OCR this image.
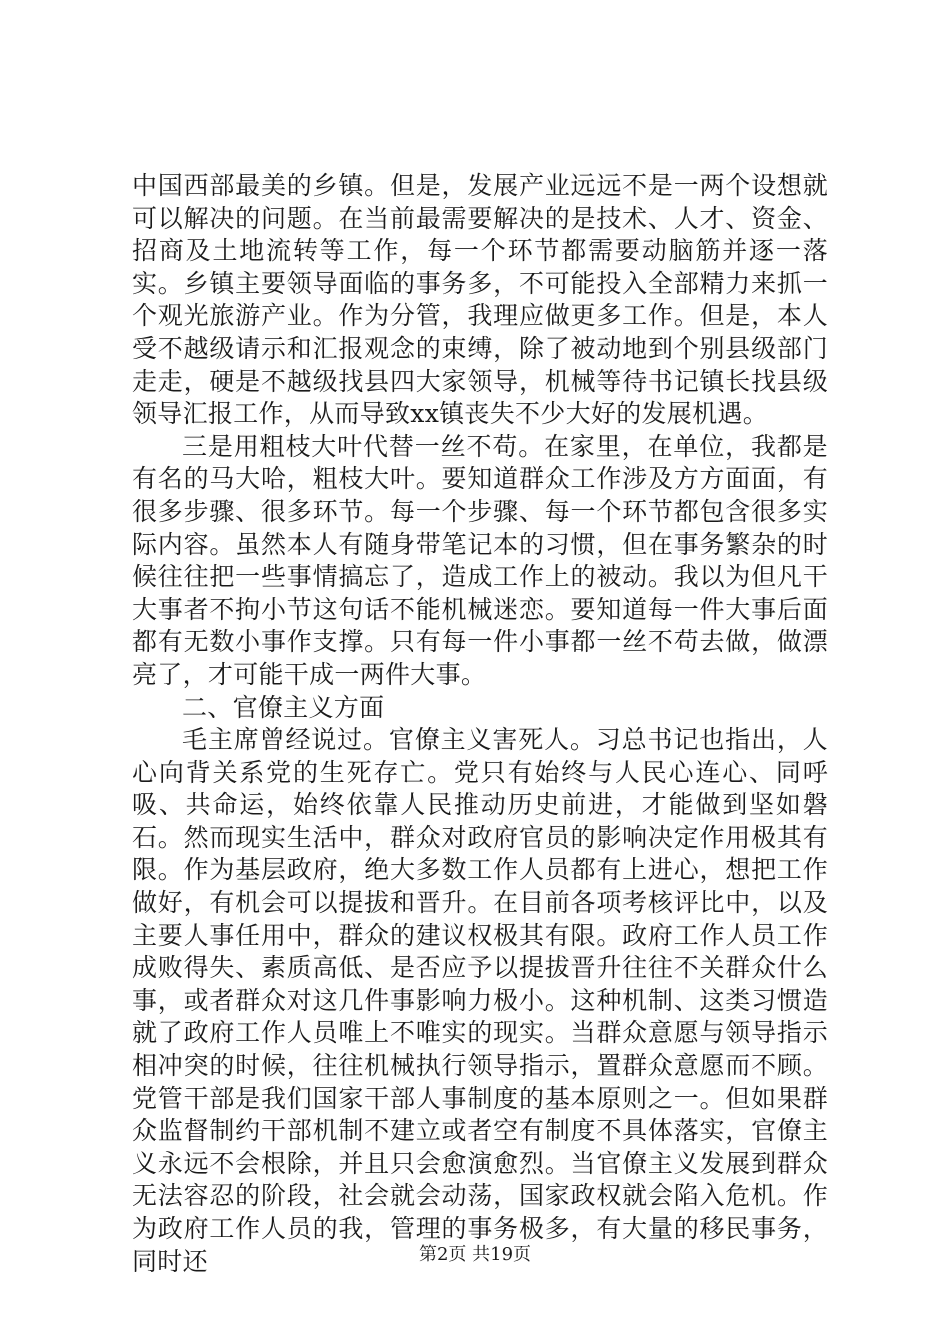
中国西部最美的乡镇。但是，发展产业远远不是一两个设想就可以解决的问题。在当前最需要解决的是技术、人才、资金、招商及土地流转等工作，每一个环节都需要动脑筋并逐一落实。乡镇主要领导面临的事务多，不可能投入全部精力来抓一个观光旅游产业。作为分管，我理应做更多工作。但是，本人受不越级请示和汇报观念的束缚，除了被动地到个别县级部门走走，硬是不越级找县四大家领导，机械等待书记镇长找县级领导汇报工作，从而导致xx镇丧失不少大好的发展机遇。

三是用粗枝大叶代替一丝不苟。在家里，在单位，我都是有名的马大哈，粗枝大叶。要知道群众工作涉及方方面面，有很多步骤、很多环节。每一个步骤、每一个环节都包含很多实际内容。虽然本人有随身带笔记本的习惯，但在事务繁杂的时候往往把一些事情搞忘了，造成工作上的被动。我以为但凡干大事者不拘小节这句话不能机械迷恋。要知道每一件大事后面都有无数小事作支撑。只有每一件小事都一丝不苟去做，做漂亮了，才可能干成一两件大事。

二、官僚主义方面

毛主席曾经说过。官僚主义害死人。习总书记也指出，人心向背关系党的生死存亡。党只有始终与人民心连心、同呼吸、共命运，始终依靠人民推动历史前进，才能做到坚如磐石。然而现实生活中，群众对政府官员的影响决定作用极其有限。作为基层政府，绝大多数工作人员都有上进心，想把工作做好，有机会可以提拔和晋升。在目前各项考核评比中，以及主要人事任用中，群众的建议权极其有限。政府工作人员工作成败得失、素质高低、是否应予以提拔晋升往往不关群众什么事，或者群众对这几件事影响力极小。这种机制、这类习惯造就了政府工作人员唯上不唯实的现实。当群众意愿与领导指示相冲突的时候，往往机械执行领导指示，置群众意愿而不顾。党管干部是我们国家干部人事制度的基本原则之一。但如果群众监督制约干部机制不建立或者空有制度不具体落实，官僚主义永远不会根除，并且只会愈演愈烈。当官僚主义发展到群众无法容忍的阶段，社会就会动荡，国家政权就会陷入危机。作为政府工作人员的我，管理的事务极多，有大量的移民事务，同时还	第2页 共19页
